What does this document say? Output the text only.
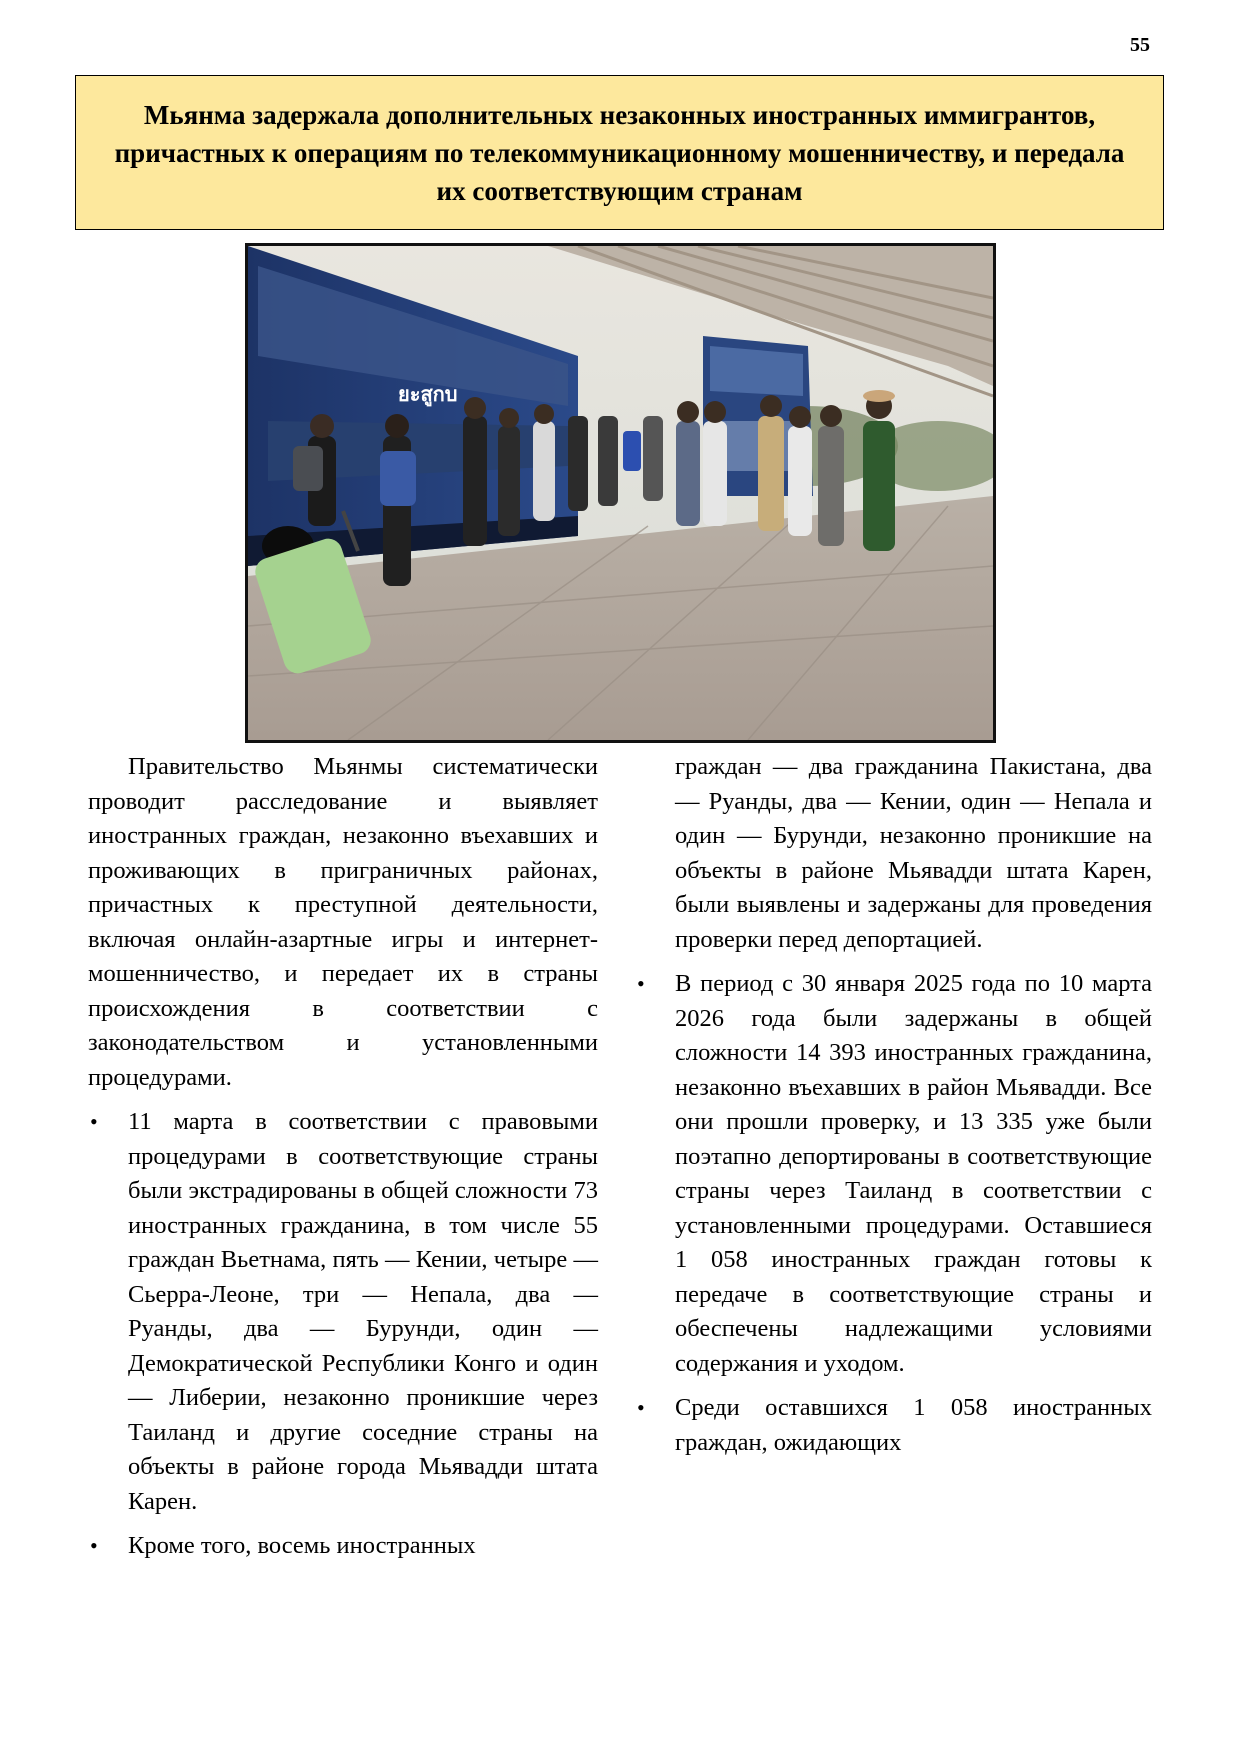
55
Мьянма задержала дополнительных незаконных иностранных иммигрантов, причастных к операциям по телекоммуникационному мошенничеству, и передала их соответствующим странам
ยะสูกบ

Правительство Мьянмы систематически проводит расследование и выявляет иностранных граждан, незаконно въехавших и проживающих в приграничных районах, причастных к преступной деятельности, включая онлайн-азартные игры и интернет-мошенничество, и передает их в страны происхождения в соответствии с законодательством и установленными процедурами.

• 11 марта в соответствии с правовыми процедурами в соответствующие страны были экстрадированы в общей сложности 73 иностранных гражданина, в том числе 55 граждан Вьетнама, пять — Кении, четыре — Сьерра-Леоне, три — Непала, два — Руанды, два — Бурунди, один — Демократической Республики Конго и один — Либерии, незаконно проникшие через Таиланд и другие соседние страны на объекты в районе города Мьявадди штата Карен.
• Кроме того, восемь иностранных

граждан — два гражданина Пакистана, два — Руанды, два — Кении, один — Непала и один — Бурунди, незаконно проникшие на объекты в районе Мьявадди штата Карен, были выявлены и задержаны для проведения проверки перед депортацией.

• В период с 30 января 2025 года по 10 марта 2026 года были задержаны в общей сложности 14 393 иностранных гражданина, незаконно въехавших в район Мьявадди. Все они прошли проверку, и 13 335 уже были поэтапно депортированы в соответствующие страны через Таиланд в соответствии с установленными процедурами. Оставшиеся 1 058 иностранных граждан готовы к передаче в соответствующие страны и обеспечены надлежащими условиями содержания и уходом.
• Среди оставшихся 1 058 иностранных граждан, ожидающих
